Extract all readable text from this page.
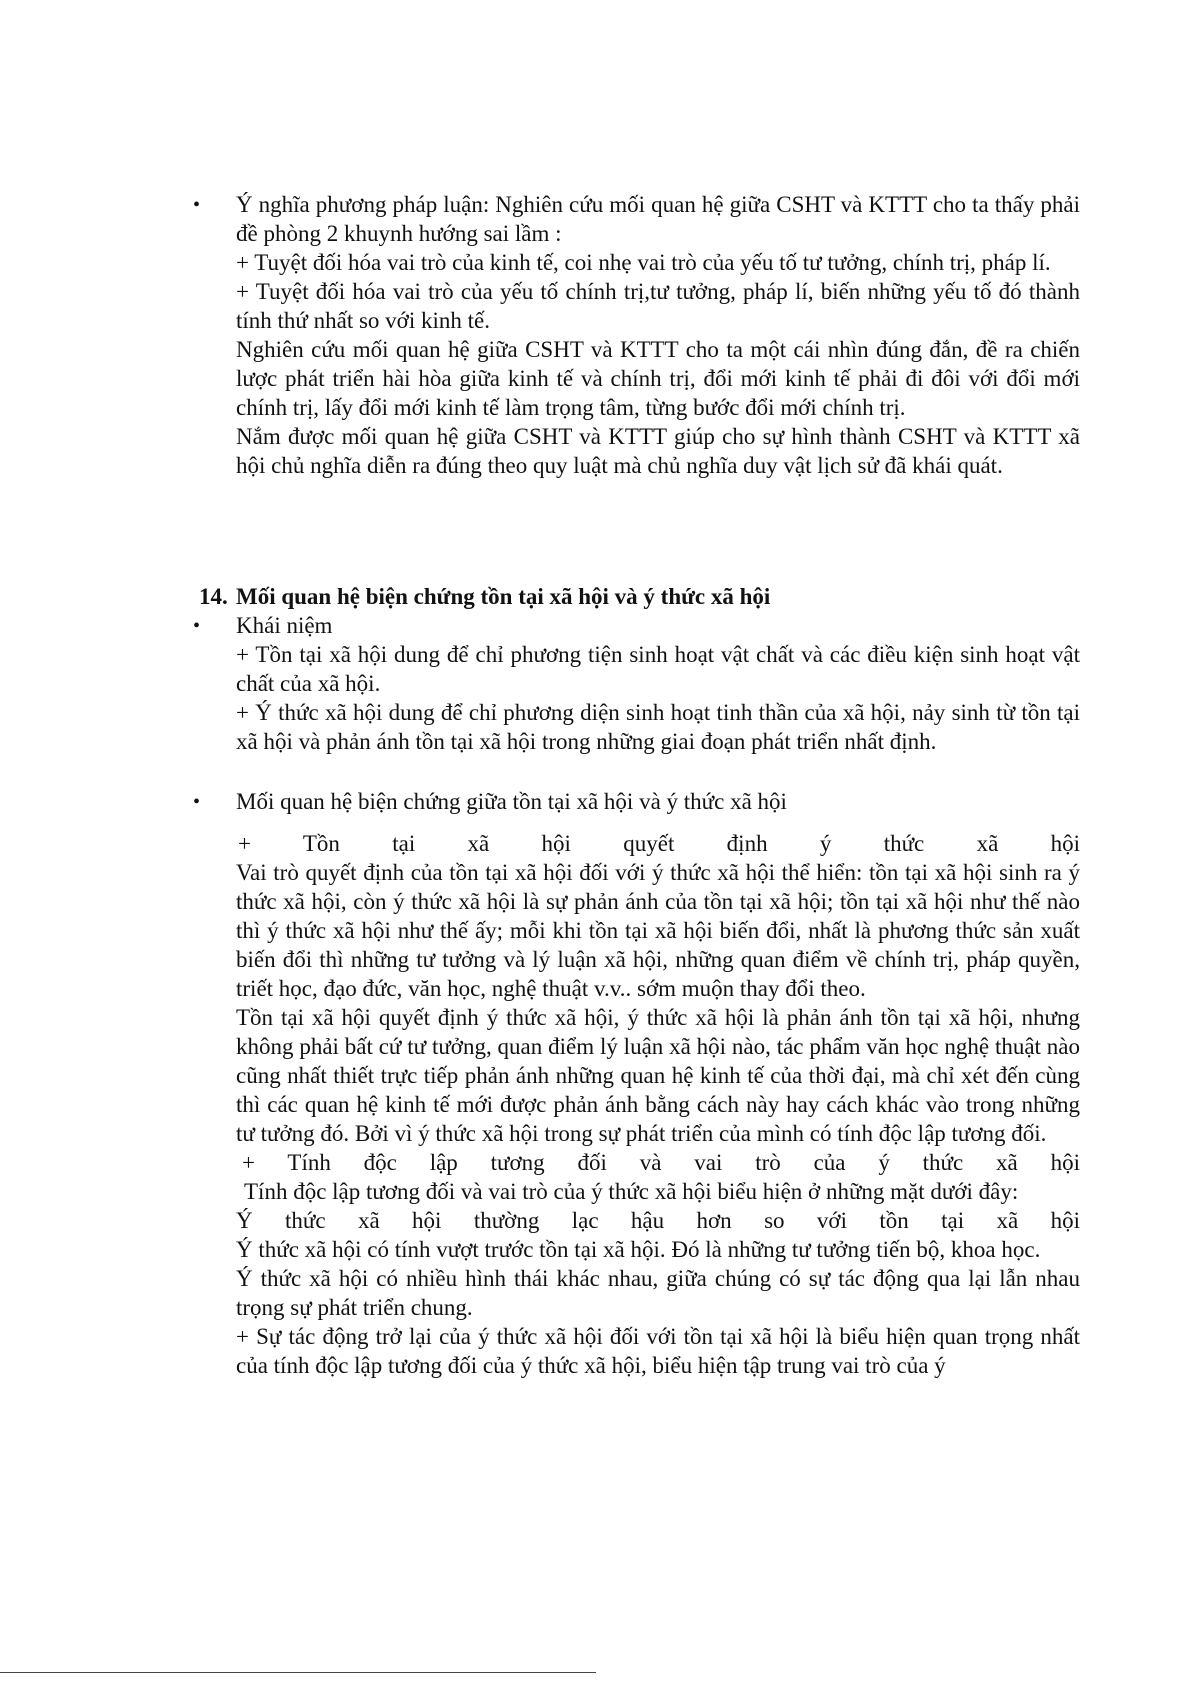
• Ý nghĩa phương pháp luận: Nghiên cứu mối quan hệ giữa CSHT và KTTT cho ta thấy phải đề phòng 2 khuynh hướng sai lầm :

+ Tuyệt đối hóa vai trò của kinh tế, coi nhẹ vai trò của yếu tố tư tưởng, chính trị, pháp lí.

+ Tuyệt đối hóa vai trò của yếu tố chính trị,tư tưởng, pháp lí, biến những yếu tố đó thành tính thứ nhất so với kinh tế.

Nghiên cứu mối quan hệ giữa CSHT và KTTT cho ta một cái nhìn đúng đắn, đề ra chiến lược phát triển hài hòa giữa kinh tế và chính trị, đổi mới kinh tế phải đi đôi với đổi mới chính trị, lấy đổi mới kinh tế làm trọng tâm, từng bước đổi mới chính trị.

Nắm được mối quan hệ giữa CSHT và KTTT giúp cho sự hình thành CSHT và KTTT xã hội chủ nghĩa diễn ra đúng theo quy luật mà chủ nghĩa duy vật lịch sử đã khái quát.

14. Mối quan hệ biện chứng tồn tại xã hội và ý thức xã hội
• Khái niệm

+ Tồn tại xã hội dung để chỉ phương tiện sinh hoạt vật chất và các điều kiện sinh hoạt vật chất của xã hội.

+ Ý thức xã hội dung để chỉ phương diện sinh hoạt tinh thần của xã hội, nảy sinh từ tồn tại xã hội và phản ánh tồn tại xã hội trong những giai đoạn phát triển nhất định.

• Mối quan hệ biện chứng giữa tồn tại xã hội và ý thức xã hội

+ Tồn tại xã hội quyết định ý thức xã hội

Vai trò quyết định của tồn tại xã hội đối với ý thức xã hội thể hiển: tồn tại xã hội sinh ra ý thức xã hội, còn ý thức xã hội là sự phản ánh của tồn tại xã hội; tồn tại xã hội như thế nào thì ý thức xã hội như thế ấy; mỗi khi tồn tại xã hội biến đổi, nhất là phương thức sản xuất biến đổi thì những tư tưởng và lý luận xã hội, những quan điểm về chính trị, pháp quyền, triết học, đạo đức, văn học, nghệ thuật v.v.. sớm muộn thay đổi theo.

Tồn tại xã hội quyết định ý thức xã hội, ý thức xã hội là phản ánh tồn tại xã hội, nhưng không phải bất cứ tư tưởng, quan điểm lý luận xã hội nào, tác phẩm văn học nghệ thuật nào cũng nhất thiết trực tiếp phản ánh những quan hệ kinh tế của thời đại, mà chỉ xét đến cùng thì các quan hệ kinh tế mới được phản ánh bằng cách này hay cách khác vào trong những tư tưởng đó. Bởi vì ý thức xã hội trong sự phát triển của mình có tính độc lập tương đối.

+ Tính độc lập tương đối và vai trò của ý thức xã hội

Tính độc lập tương đối và vai trò của ý thức xã hội biểu hiện ở những mặt dưới đây:

Ý thức xã hội thường lạc hậu hơn so với tồn tại xã hội

Ý thức xã hội có tính vượt trước tồn tại xã hội. Đó là những tư tưởng tiến bộ, khoa học.

Ý thức xã hội có nhiều hình thái khác nhau, giữa chúng có sự tác động qua lại lẫn nhau trọng sự phát triển chung.

+ Sự tác động trở lại của ý thức xã hội đối với tồn tại xã hội là biểu hiện quan trọng nhất của tính độc lập tương đối của ý thức xã hội, biểu hiện tập trung vai trò của ý
